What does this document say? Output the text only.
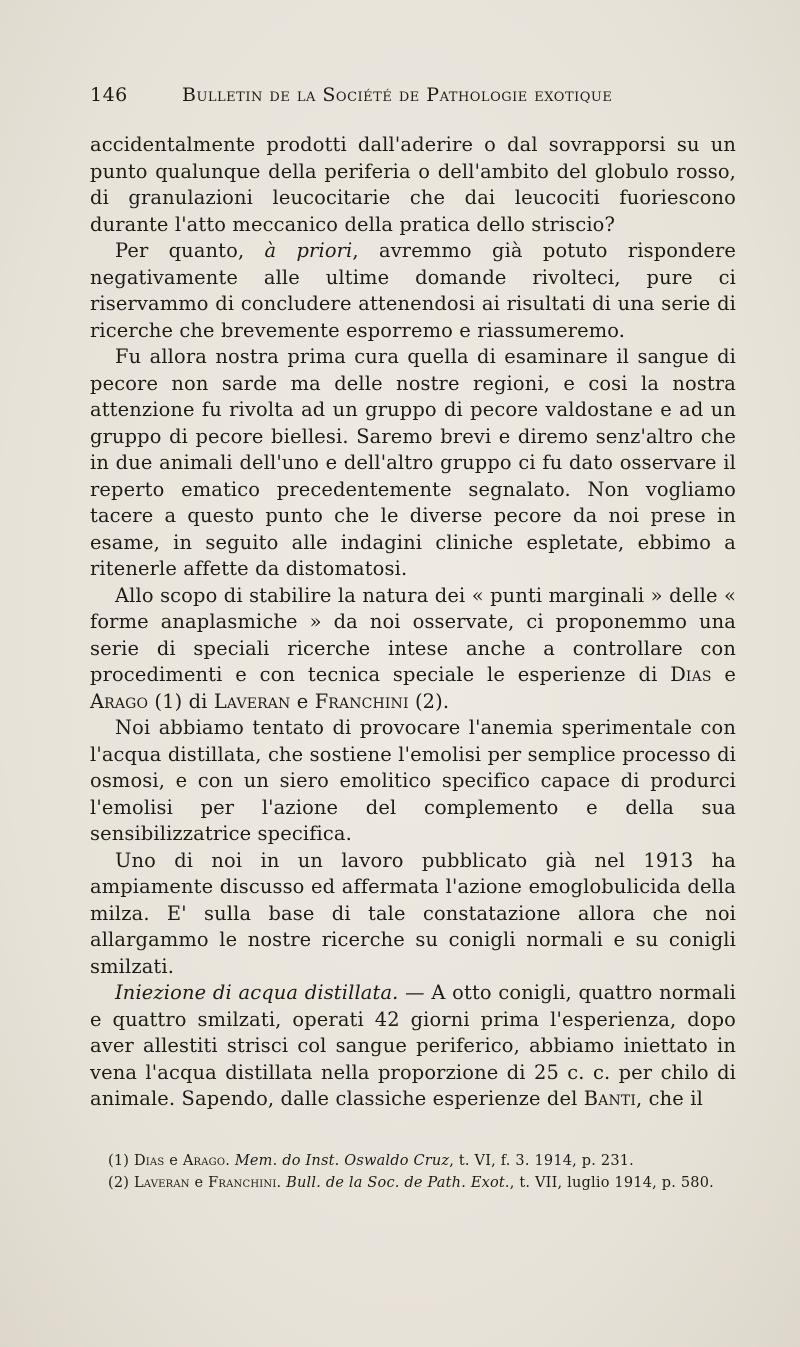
146	Bulletin de la Société de Pathologie exotique

accidentalmente prodotti dall'aderire o dal sovrapporsi su un punto qualunque della periferia o dell'ambito del globulo rosso, di granulazioni leucocitarie che dai leucociti fuoriescono durante l'atto meccanico della pratica dello striscio?

Per quanto, à priori, avremmo già potuto rispondere negativamente alle ultime domande rivolteci, pure ci riservammo di concludere attenendosi ai risultati di una serie di ricerche che brevemente esporremo e riassumeremo.

Fu allora nostra prima cura quella di esaminare il sangue di pecore non sarde ma delle nostre regioni, e cosi la nostra attenzione fu rivolta ad un gruppo di pecore valdostane e ad un gruppo di pecore biellesi. Saremo brevi e diremo senz'altro che in due animali dell'uno e dell'altro gruppo ci fu dato osservare il reperto ematico precedentemente segnalato. Non vogliamo tacere a questo punto che le diverse pecore da noi prese in esame, in seguito alle indagini cliniche espletate, ebbimo a ritenerle affette da distomatosi.

Allo scopo di stabilire la natura dei « punti marginali » delle « forme anaplasmiche » da noi osservate, ci proponemmo una serie di speciali ricerche intese anche a controllare con procedimenti e con tecnica speciale le esperienze di Dias e Arago (1) di Laveran e Franchini (2).

Noi abbiamo tentato di provocare l'anemia sperimentale con l'acqua distillata, che sostiene l'emolisi per semplice processo di osmosi, e con un siero emolitico specifico capace di produrci l'emolisi per l'azione del complemento e della sua sensibilizzatrice specifica.

Uno di noi in un lavoro pubblicato già nel 1913 ha ampiamente discusso ed affermata l'azione emoglobulicida della milza. E' sulla base di tale constatazione allora che noi allargammo le nostre ricerche su conigli normali e su conigli smilzati.

Iniezione di acqua distillata. — A otto conigli, quattro normali e quattro smilzati, operati 42 giorni prima l'esperienza, dopo aver allestiti strisci col sangue periferico, abbiamo iniettato in vena l'acqua distillata nella proporzione di 25 c. c. per chilo di animale. Sapendo, dalle classiche esperienze del Banti, che il

(1) Dias e Arago. Mem. do Inst. Oswaldo Cruz, t. VI, f. 3. 1914, p. 231.

(2) Laveran e Franchini. Bull. de la Soc. de Path. Exot., t. VII, luglio 1914, p. 580.
